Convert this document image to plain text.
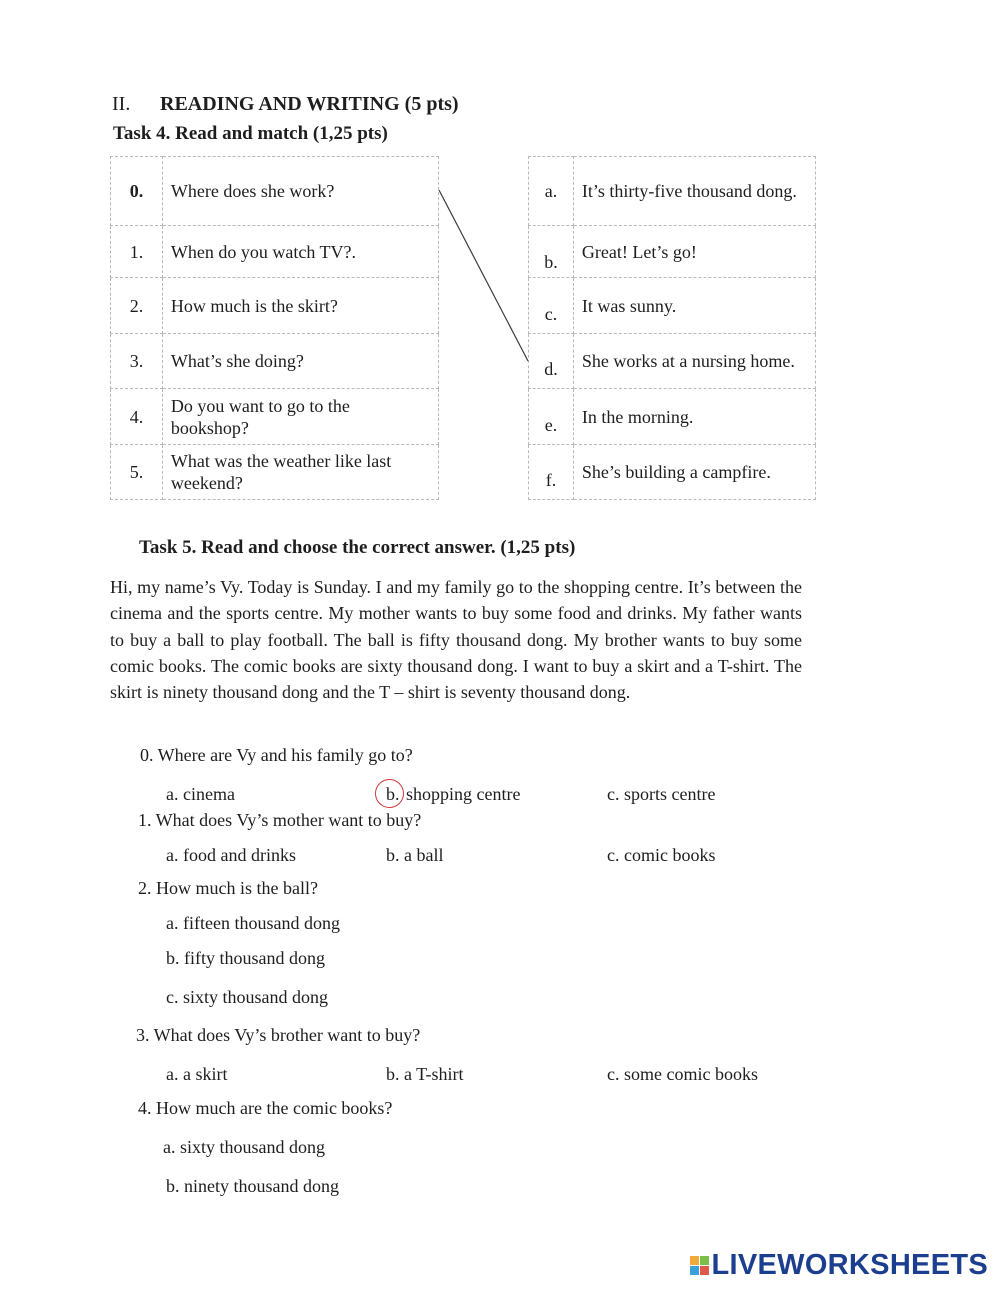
II. READING AND WRITING (5 pts)
Task 4. Read and match (1,25 pts)
0.	Where does she work?
1.	When do you watch TV?.
2.	How much is the skirt?
3.	What’s she doing?
4.	Do you want to go to the bookshop?
5.	What was the weather like last weekend?
a.	It’s thirty-five thousand dong.
b.	Great! Let’s go!
c.	It was sunny.
d.	She works at a nursing home.
e.	In the morning.
f.	She’s building a campfire.
Task 5. Read and choose the correct answer. (1,25 pts)
Hi, my name’s Vy. Today is Sunday. I and my family go to the shopping centre. It’s between the cinema and the sports centre. My mother wants to buy some food and drinks. My father wants to buy a ball to play football. The ball is fifty thousand dong. My brother wants to buy some comic books. The comic books are sixty thousand dong. I want to buy a skirt and a T-shirt. The skirt is ninety thousand dong and the T – shirt is seventy thousand dong.
0. Where are Vy and his family go to?
a. cinema	b. shopping centre	c. sports centre
1. What does Vy’s mother want to buy?
a. food and drinks	b. a ball	c. comic books
2. How much is the ball?
a. fifteen thousand dong
b. fifty thousand dong
c. sixty thousand dong
3. What does Vy’s brother want to buy?
a. a skirt	b. a T-shirt	c. some comic books
4. How much are the comic books?
a. sixty thousand dong
b. ninety thousand dong
LIVEWORKSHEETS
